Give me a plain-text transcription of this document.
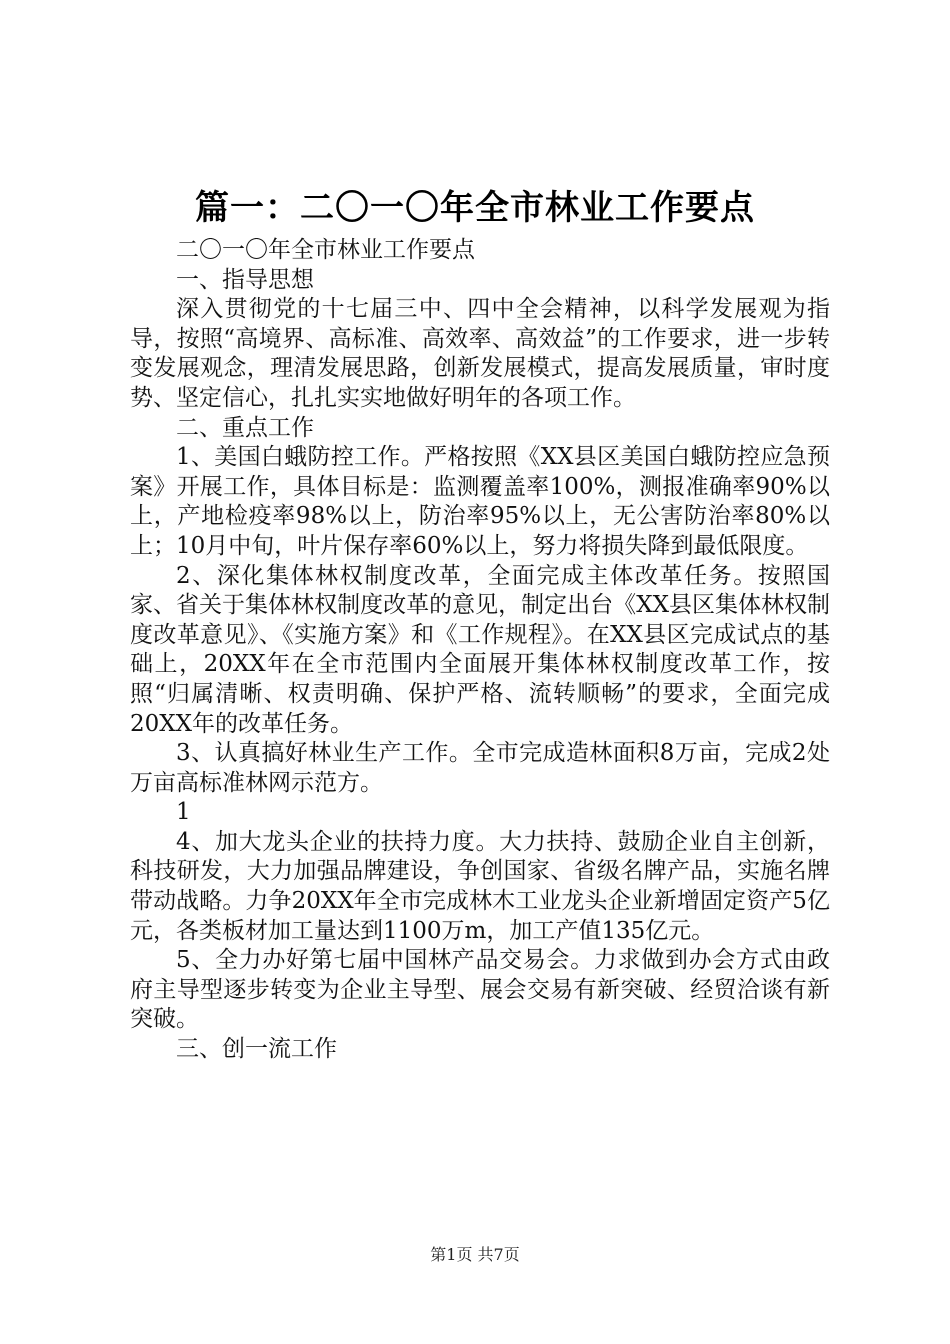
篇一：二〇一〇年全市林业工作要点

二〇一〇年全市林业工作要点

一、指导思想

深入贯彻党的十七届三中、四中全会精神，以科学发展观为指导，按照“高境界、高标准、高效率、高效益”的工作要求，进一步转变发展观念，理清发展思路，创新发展模式，提高发展质量，审时度势、坚定信心，扎扎实实地做好明年的各项工作。

二、重点工作

1、美国白蛾防控工作。严格按照《XX县区美国白蛾防控应急预案》开展工作，具体目标是：监测覆盖率100%，测报准确率90%以上，产地检疫率98%以上，防治率95%以上，无公害防治率80%以上；10月中旬，叶片保存率60%以上，努力将损失降到最低限度。

2、深化集体林权制度改革，全面完成主体改革任务。按照国家、省关于集体林权制度改革的意见，制定出台《XX县区集体林权制度改革意见》、《实施方案》和《工作规程》。在XX县区完成试点的基础上，20XX年在全市范围内全面展开集体林权制度改革工作，按照“归属清晰、权责明确、保护严格、流转顺畅”的要求，全面完成20XX年的改革任务。

3、认真搞好林业生产工作。全市完成造林面积8万亩，完成2处万亩高标准林网示范方。

1

4、加大龙头企业的扶持力度。大力扶持、鼓励企业自主创新，科技研发，大力加强品牌建设，争创国家、省级名牌产品，实施名牌带动战略。力争20XX年全市完成林木工业龙头企业新增固定资产5亿元，各类板材加工量达到1100万m，加工产值135亿元。

5、全力办好第七届中国林产品交易会。力求做到办会方式由政府主导型逐步转变为企业主导型、展会交易有新突破、经贸洽谈有新突破。

三、创一流工作

第1页 共7页
